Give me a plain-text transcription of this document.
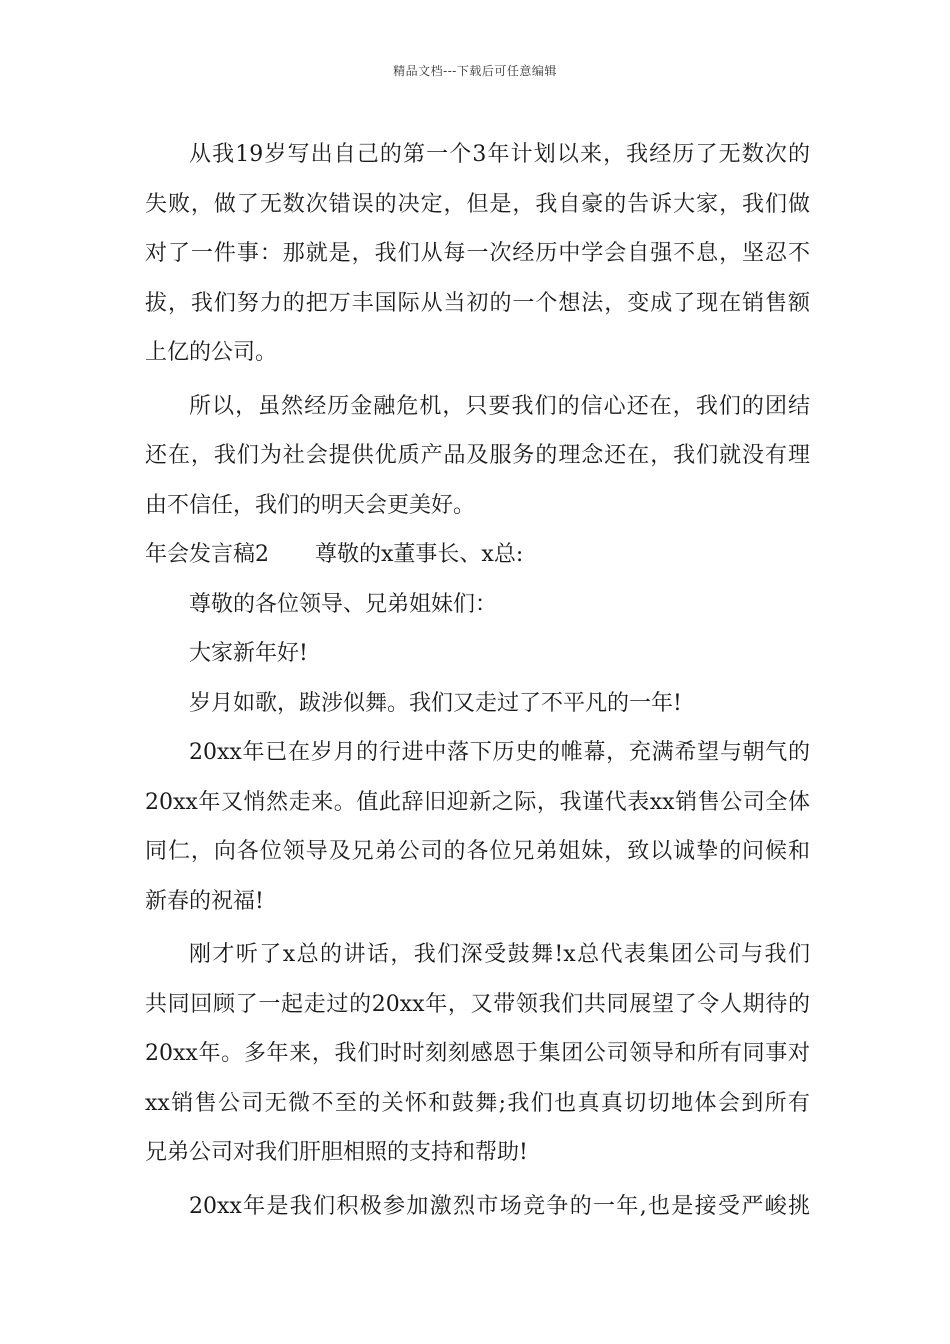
精品文档---下载后可任意编辑
从我19岁写出自己的第一个3年计划以来，我经历了无数次的
失败，做了无数次错误的决定，但是，我自豪的告诉大家，我们做
对了一件事：那就是，我们从每一次经历中学会自强不息，坚忍不
拔，我们努力的把万丰国际从当初的一个想法，变成了现在销售额
上亿的公司。
所以，虽然经历金融危机，只要我们的信心还在，我们的团结
还在，我们为社会提供优质产品及服务的理念还在，我们就没有理
由不信任，我们的明天会更美好。
年会发言稿2 尊敬的x董事长、x总:
尊敬的各位领导、兄弟姐妹们：
大家新年好!
岁月如歌，跋涉似舞。我们又走过了不平凡的一年!
20xx年已在岁月的行进中落下历史的帷幕，充满希望与朝气的
20xx年又悄然走来。值此辞旧迎新之际，我谨代表xx销售公司全体
同仁，向各位领导及兄弟公司的各位兄弟姐妹，致以诚挚的问候和
新春的祝福!
刚才听了x总的讲话，我们深受鼓舞!x总代表集团公司与我们
共同回顾了一起走过的20xx年，又带领我们共同展望了令人期待的
20xx年。多年来，我们时时刻刻感恩于集团公司领导和所有同事对
xx销售公司无微不至的关怀和鼓舞;我们也真真切切地体会到所有
兄弟公司对我们肝胆相照的支持和帮助!
20xx年是我们积极参加激烈市场竞争的一年,也是接受严峻挑
